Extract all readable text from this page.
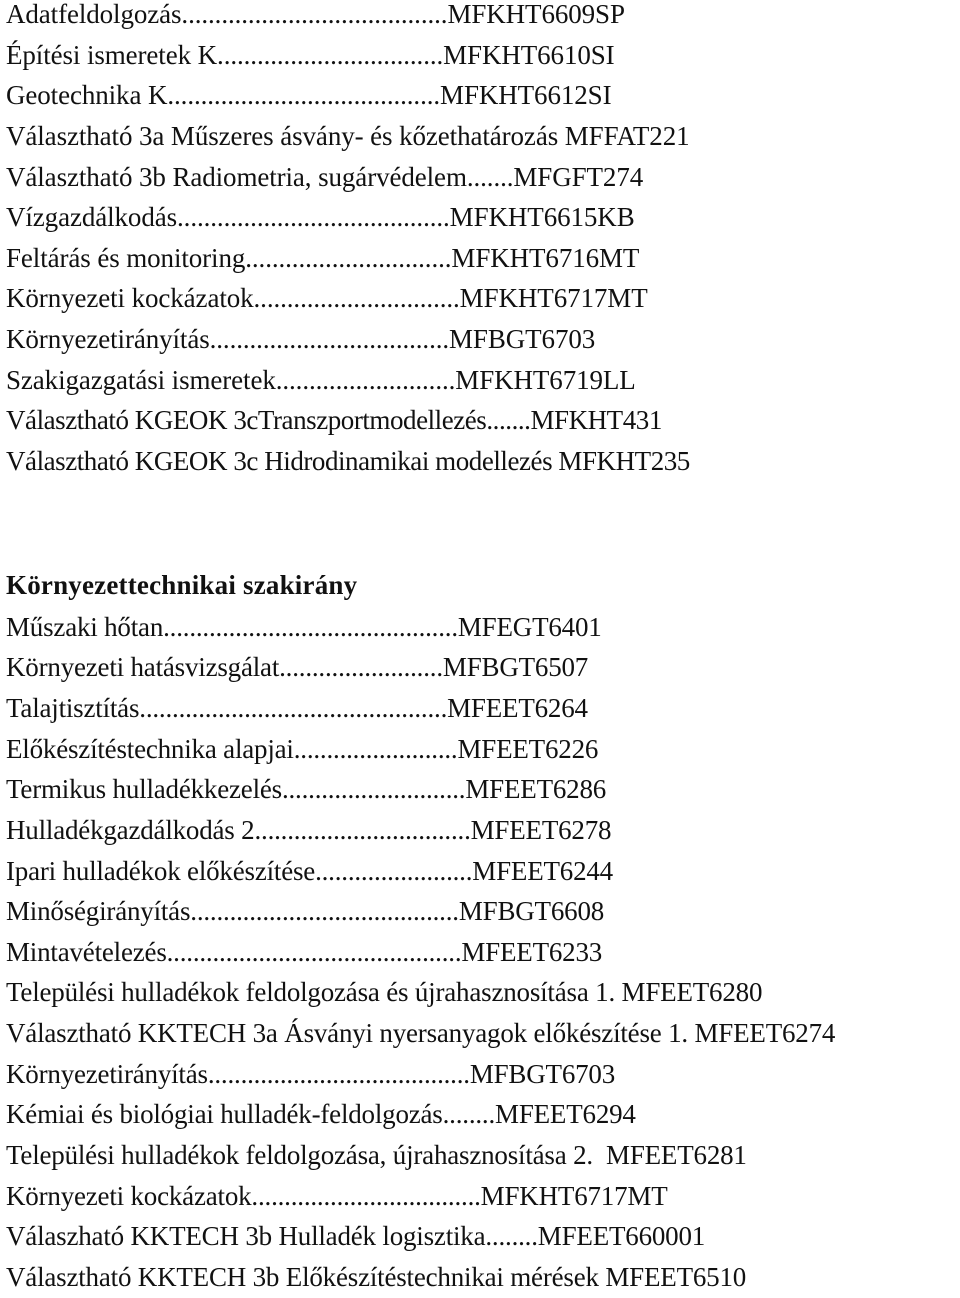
Adatfeldolgozás........................................MFKHT6609SP
Építési ismeretek K..................................MFKHT6610SI
Geotechnika K.........................................MFKHT6612SI
Választható 3a Műszeres ásvány- és kőzethatározás MFFAT221
Választható 3b Radiometria, sugárvédelem.......MFGFT274
Vízgazdálkodás.........................................MFKHT6615KB
Feltárás és monitoring...............................MFKHT6716MT
Környezeti kockázatok...............................MFKHT6717MT
Környezetirányítás....................................MFBGT6703
Szakigazgatási ismeretek...........................MFKHT6719LL
Választható KGEOK 3cTranszportmodellezés.......MFKHT431
Választható KGEOK 3c Hidrodinamikai modellezés MFKHT235
Környezettechnikai szakirány
Műszaki hőtan.............................................MFEGT6401
Környezeti hatásvizsgálat.........................MFBGT6507
Talajtisztítás...............................................MFEET6264
Előkészítéstechnika alapjai.........................MFEET6226
Termikus hulladékkezelés............................MFEET6286
Hulladékgazdálkodás 2.................................MFEET6278
Ipari hulladékok előkészítése........................MFEET6244
Minőségirányítás.........................................MFBGT6608
Mintavételezés.............................................MFEET6233
Települési hulladékok feldolgozása és újrahasznosítása 1. MFEET6280
Választható KKTECH 3a Ásványi nyersanyagok előkészítése 1. MFEET6274
Környezetirányítás........................................MFBGT6703
Kémiai és biológiai hulladék-feldolgozás........MFEET6294
Települési hulladékok feldolgozása, újrahasznosítása 2.  MFEET6281
Környezeti kockázatok...................................MFKHT6717MT
Válaszható KKTECH 3b Hulladék logisztika........MFEET660001
Választható KKTECH 3b Előkészítéstechnikai mérések MFEET6510
